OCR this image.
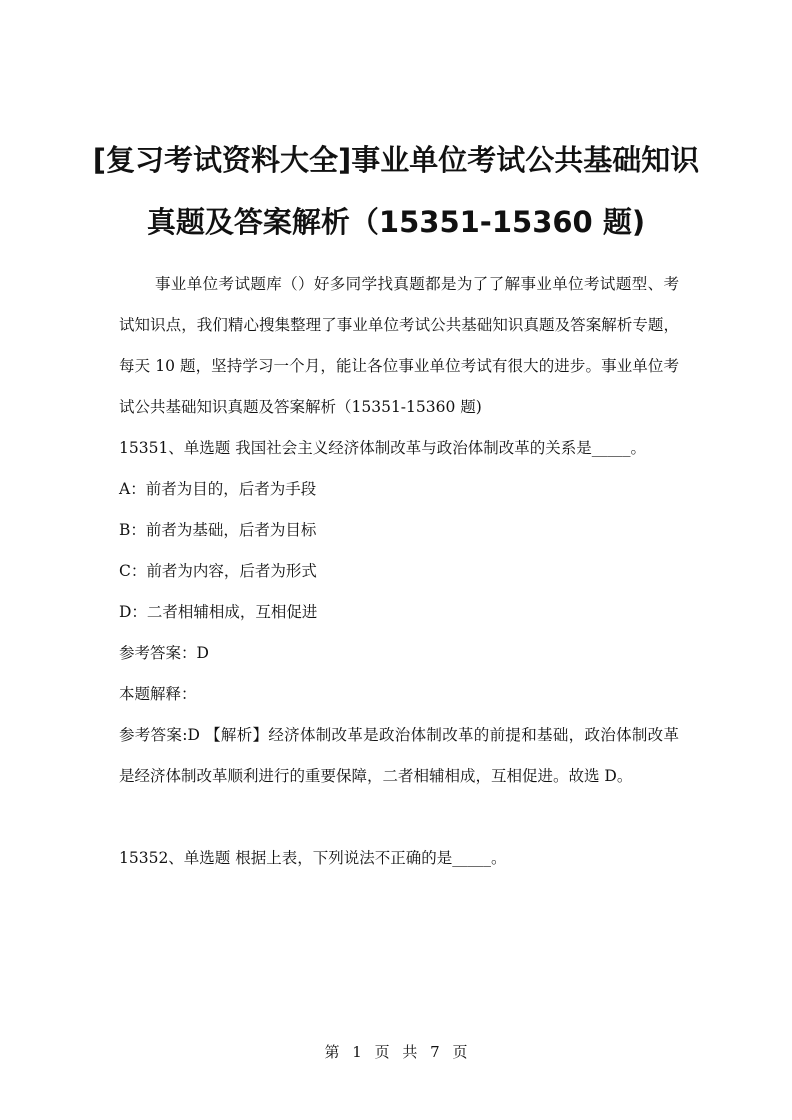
[复习考试资料大全]事业单位考试公共基础知识
真题及答案解析（15351-15360 题)

事业单位考试题库（）好多同学找真题都是为了了解事业单位考试题型、考试知识点，我们精心搜集整理了事业单位考试公共基础知识真题及答案解析专题，每天 10 题，坚持学习一个月，能让各位事业单位考试有很大的进步。事业单位考试公共基础知识真题及答案解析（15351-15360 题)

15351、单选题 我国社会主义经济体制改革与政治体制改革的关系是_____。

A：前者为目的，后者为手段

B：前者为基础，后者为目标

C：前者为内容，后者为形式

D：二者相辅相成，互相促进

参考答案：D

本题解释：

参考答案:D 【解析】经济体制改革是政治体制改革的前提和基础，政治体制改革是经济体制改革顺利进行的重要保障，二者相辅相成，互相促进。故选 D。

15352、单选题 根据上表，下列说法不正确的是_____。

第 1 页 共 7 页
